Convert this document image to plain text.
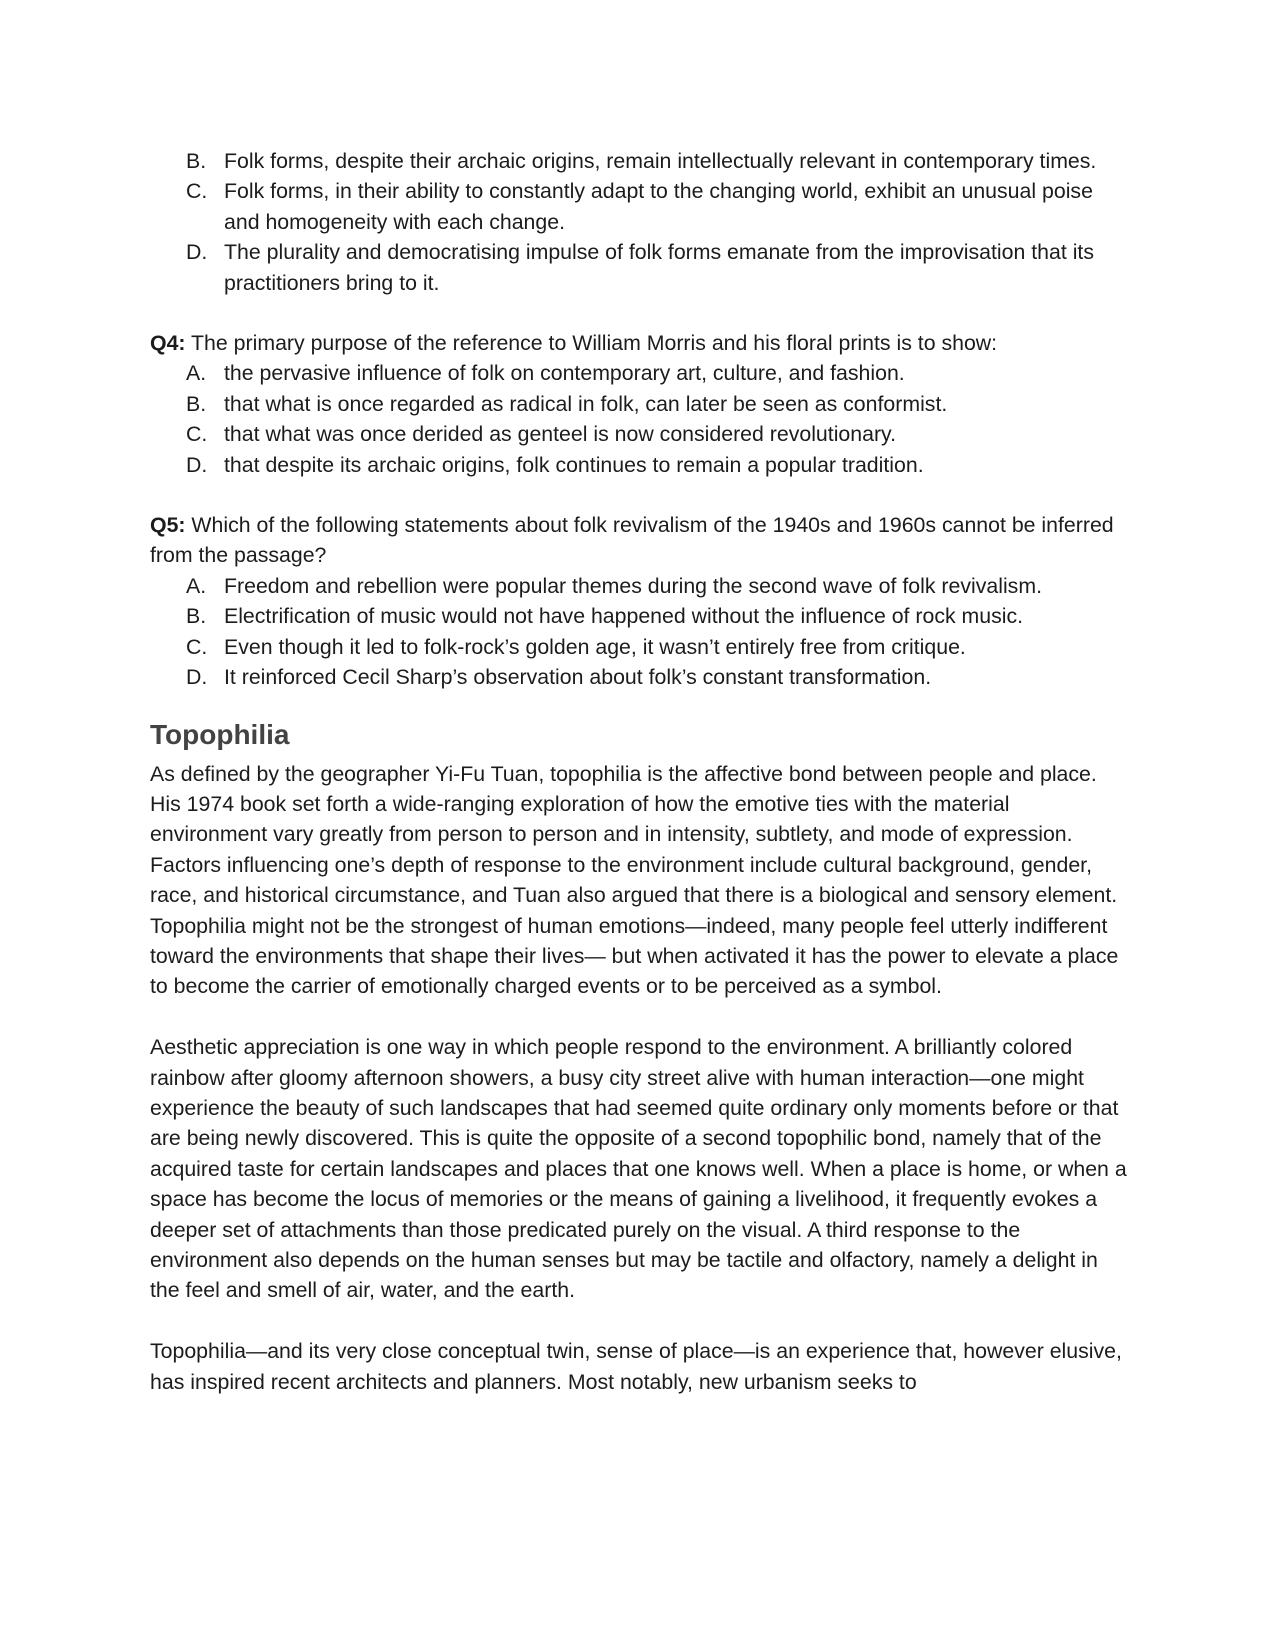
B. Folk forms, despite their archaic origins, remain intellectually relevant in contemporary times.
C. Folk forms, in their ability to constantly adapt to the changing world, exhibit an unusual poise and homogeneity with each change.
D. The plurality and democratising impulse of folk forms emanate from the improvisation that its practitioners bring to it.
Q4: The primary purpose of the reference to William Morris and his floral prints is to show:
A. the pervasive influence of folk on contemporary art, culture, and fashion.
B. that what is once regarded as radical in folk, can later be seen as conformist.
C. that what was once derided as genteel is now considered revolutionary.
D. that despite its archaic origins, folk continues to remain a popular tradition.
Q5: Which of the following statements about folk revivalism of the 1940s and 1960s cannot be inferred from the passage?
A. Freedom and rebellion were popular themes during the second wave of folk revivalism.
B. Electrification of music would not have happened without the influence of rock music.
C. Even though it led to folk-rock’s golden age, it wasn’t entirely free from critique.
D. It reinforced Cecil Sharp’s observation about folk’s constant transformation.
Topophilia

As defined by the geographer Yi-Fu Tuan, topophilia is the affective bond between people and place. His 1974 book set forth a wide-ranging exploration of how the emotive ties with the material environment vary greatly from person to person and in intensity, subtlety, and mode of expression. Factors influencing one’s depth of response to the environment include cultural background, gender, race, and historical circumstance, and Tuan also argued that there is a biological and sensory element. Topophilia might not be the strongest of human emotions—indeed, many people feel utterly indifferent toward the environments that shape their lives— but when activated it has the power to elevate a place to become the carrier of emotionally charged events or to be perceived as a symbol.

Aesthetic appreciation is one way in which people respond to the environment. A brilliantly colored rainbow after gloomy afternoon showers, a busy city street alive with human interaction—one might experience the beauty of such landscapes that had seemed quite ordinary only moments before or that are being newly discovered. This is quite the opposite of a second topophilic bond, namely that of the acquired taste for certain landscapes and places that one knows well. When a place is home, or when a space has become the locus of memories or the means of gaining a livelihood, it frequently evokes a deeper set of attachments than those predicated purely on the visual. A third response to the environment also depends on the human senses but may be tactile and olfactory, namely a delight in the feel and smell of air, water, and the earth.

Topophilia—and its very close conceptual twin, sense of place—is an experience that, however elusive, has inspired recent architects and planners. Most notably, new urbanism seeks to
